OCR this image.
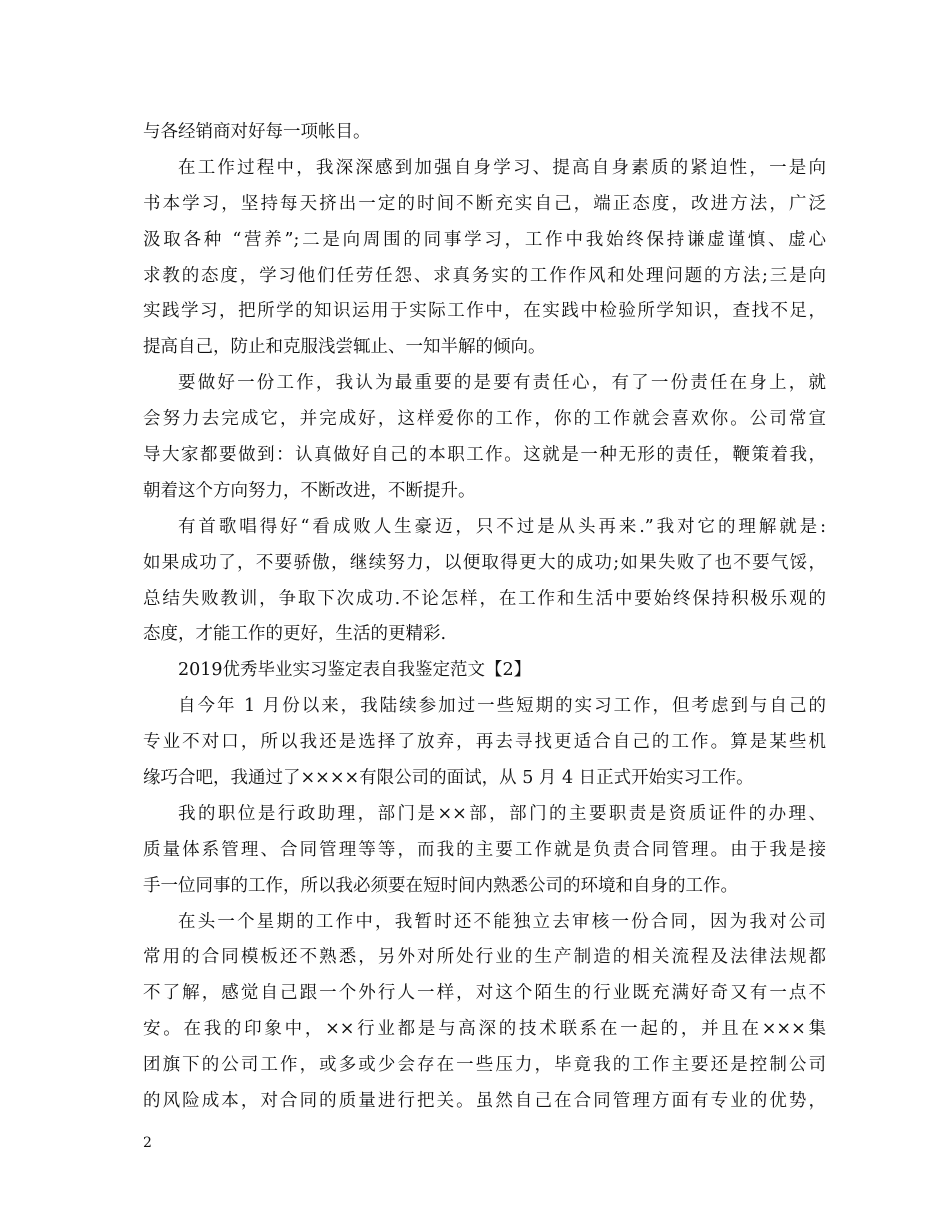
与各经销商对好每一项帐目。
在工作过程中，我深深感到加强自身学习、提高自身素质的紧迫性，一是向
书本学习，坚持每天挤出一定的时间不断充实自己，端正态度，改进方法，广泛
汲取各种 “营养”;二是向周围的同事学习，工作中我始终保持谦虚谨慎、虚心
求教的态度，学习他们任劳任怨、求真务实的工作作风和处理问题的方法;三是向
实践学习，把所学的知识运用于实际工作中，在实践中检验所学知识，查找不足，
提高自己，防止和克服浅尝辄止、一知半解的倾向。
要做好一份工作，我认为最重要的是要有责任心，有了一份责任在身上，就
会努力去完成它，并完成好，这样爱你的工作，你的工作就会喜欢你。公司常宣
导大家都要做到：认真做好自己的本职工作。这就是一种无形的责任，鞭策着我，
朝着这个方向努力，不断改进，不断提升。
有首歌唱得好“看成败人生豪迈，只不过是从头再来.”我对它的理解就是:
如果成功了，不要骄傲，继续努力，以便取得更大的成功;如果失败了也不要气馁，
总结失败教训，争取下次成功.不论怎样，在工作和生活中要始终保持积极乐观的
态度，才能工作的更好，生活的更精彩.
2019优秀毕业实习鉴定表自我鉴定范文【2】
自今年 1 月份以来，我陆续参加过一些短期的实习工作，但考虑到与自己的
专业不对口，所以我还是选择了放弃，再去寻找更适合自己的工作。算是某些机
缘巧合吧，我通过了××××有限公司的面试，从 5 月 4 日正式开始实习工作。
我的职位是行政助理，部门是××部，部门的主要职责是资质证件的办理、
质量体系管理、合同管理等等，而我的主要工作就是负责合同管理。由于我是接
手一位同事的工作，所以我必须要在短时间内熟悉公司的环境和自身的工作。
在头一个星期的工作中，我暂时还不能独立去审核一份合同，因为我对公司
常用的合同模板还不熟悉，另外对所处行业的生产制造的相关流程及法律法规都
不了解，感觉自己跟一个外行人一样，对这个陌生的行业既充满好奇又有一点不
安。在我的印象中，××行业都是与高深的技术联系在一起的，并且在×××集
团旗下的公司工作，或多或少会存在一些压力，毕竟我的工作主要还是控制公司
的风险成本，对合同的质量进行把关。虽然自己在合同管理方面有专业的优势，
2
